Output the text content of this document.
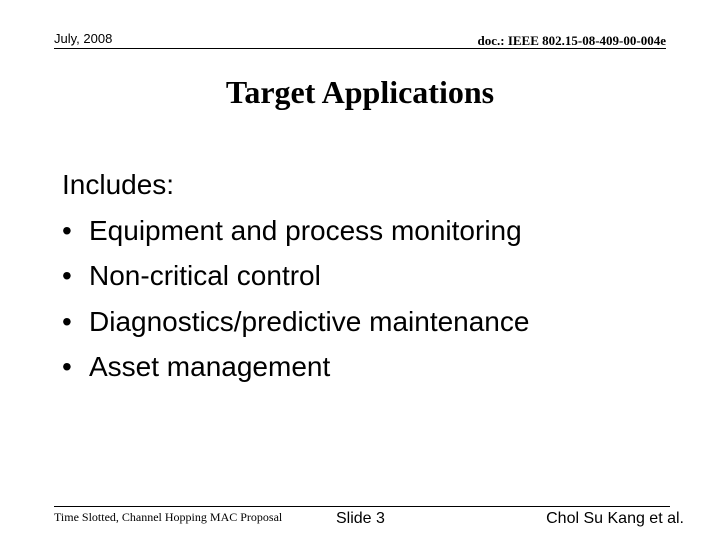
July, 2008	doc.: IEEE 802.15-08-409-00-004e
Target Applications
Includes:
• Equipment and process monitoring
• Non-critical control
• Diagnostics/predictive maintenance
• Asset management
Time Slotted, Channel Hopping MAC Proposal	Slide 3	Chol Su Kang et al.
